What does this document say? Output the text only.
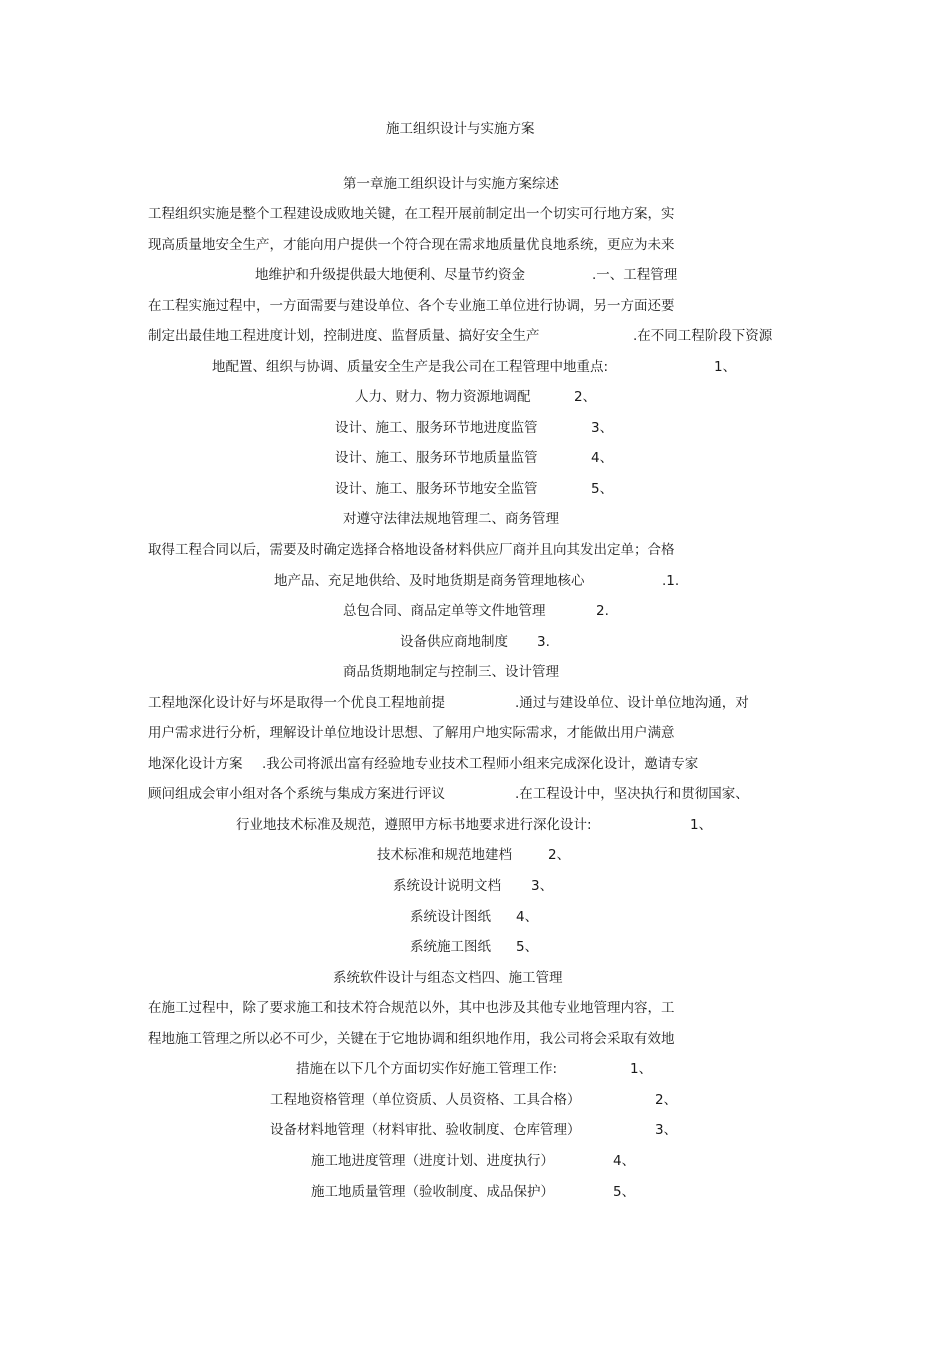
施工组织设计与实施方案
第一章施工组织设计与实施方案综述
工程组织实施是整个工程建设成败地关键，在工程开展前制定出一个切实可行地方案，实
现高质量地安全生产，才能向用户提供一个符合现在需求地质量优良地系统，更应为未来
地维护和升级提供最大地便利、尽量节约资金	.一、工程管理
在工程实施过程中，一方面需要与建设单位、各个专业施工单位进行协调，另一方面还要
制定出最佳地工程进度计划，控制进度、监督质量、搞好安全生产	.在不同工程阶段下资源
地配置、组织与协调、质量安全生产是我公司在工程管理中地重点:	1、
人力、财力、物力资源地调配	2、
设计、施工、服务环节地进度监管	3、
设计、施工、服务环节地质量监管	4、
设计、施工、服务环节地安全监管	5、
对遵守法律法规地管理二、商务管理
取得工程合同以后，需要及时确定选择合格地设备材料供应厂商并且向其发出定单；合格
地产品、充足地供给、及时地货期是商务管理地核心	.1.
总包合同、商品定单等文件地管理	2.
设备供应商地制度 3.
商品货期地制定与控制三、设计管理
工程地深化设计好与坏是取得一个优良工程地前提	.通过与建设单位、设计单位地沟通，对
用户需求进行分析，理解设计单位地设计思想、了解用户地实际需求，才能做出用户满意
地深化设计方案 .我公司将派出富有经验地专业技术工程师小组来完成深化设计，邀请专家
顾问组成会审小组对各个系统与集成方案进行评议	.在工程设计中，坚决执行和贯彻国家、
行业地技术标准及规范，遵照甲方标书地要求进行深化设计:	1、
技术标准和规范地建档	2、
系统设计说明文档 3、
系统设计图纸 4、
系统施工图纸 5、
系统软件设计与组态文档四、施工管理
在施工过程中，除了要求施工和技术符合规范以外，其中也涉及其他专业地管理内容，工
程地施工管理之所以必不可少，关键在于它地协调和组织地作用，我公司将会采取有效地
措施在以下几个方面切实作好施工管理工作:	1、
工程地资格管理（单位资质、人员资格、工具合格）	2、
设备材料地管理（材料审批、验收制度、仓库管理）	3、
施工地进度管理（进度计划、进度执行）	4、
施工地质量管理（验收制度、成品保护）	5、
